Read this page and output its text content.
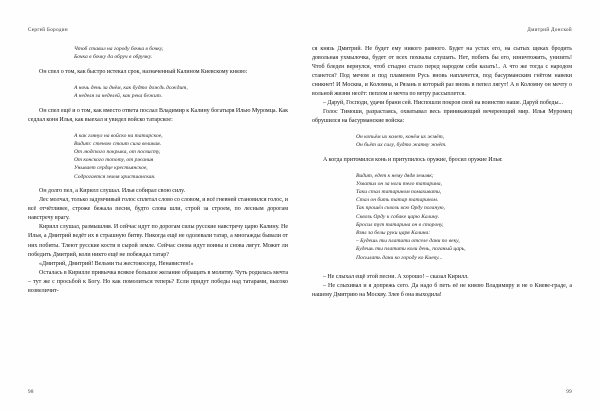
Сергей Бородин
Чтоб ставил на городу бочка в бочку,
Бочка в бочку да обруч в обручку.

Он спел о том, как быстро истекал срок, назначенный Калином Киевскому князю:

А ночь день за днём, как будто дождь дождит,
А неделя за неделей, как река бежит.

Он спел ещё и о том, как вместо ответа послал Владимир к Калину богатыря Илью Муромца. Как седлал коня Илья, как выехал и увидел войско татарское:

А как глянул на войско на татарское,
Видит: стеною стоит сила великая.
От людского покрыка, от посвисту,
От конского топоту, от ржания
Унывает сердце крестьянское,
Содрогается земля христианская.

Он долго пел, а Кирилл слушал. Илья собирал свою силу.

Лес молчал, только задумчивый голос сплетал слово со словом, и всё гневней становился голос, и всё отчётливее, строже бежала песня, будто слова шли, строй за строем, по лесным дорогам навстречу врагу.

Кирилл слушал, размышляя. И сейчас идут по дорогам силы русские навстречу царю Калину. Не Илья, а Дмитрий ведёт их в страшную битву. Никогда ещё не одолевали татар, а многажды бывали от них побиты. Тлеют русские кости в сырой земле. Сейчас снова идут воины и снова лягут. Может ли победить Дмитрий, коли никто ещё не побеждал татар?

«Дмитрий, Дмитрий! Вельми ты жестокосерд. Ненавистен!»

Осталась в Кирилле привычка всякое большое желание обращать в молитву. Чуть родилась мечта – тут же с просьбой к Богу. Но как помолиться теперь? Если придут победы над татарами, высоко возвеличит-

98
Дмитрий Донской

ся князь Дмитрий. Не будет ему никого равного. Будет на устах его, на сытых щеках бродить довольная ухмылочка, будет от всех похвалы слушать. Нет, побить бы его, изничтожить, унизить! Чтоб бледен вернулся, чтоб стыдно стало перед народом себя казать!.. А что же тогда с народом станется? Под мечом и под пламенем Русь вновь наплачется, под басурманским гнётом навеки сникнет! И Москва, и Коломна, и Рязань в который раз вновь в пепел лягут! А в Коломну он мечту о вольной жизни несёт: пеплом и мечта по ветру рассыплется.

– Даруй, Господи, удачи брани сей. Ниспошли покров свой на воинство наше. Даруй победы...

Голос Тимоши, разрастаясь, охватывал весь приникающий вечереющий мир. Илья Муромец обрушился на басурманские войска:

Он копьём их колет, конём их жмёт,
Он бьёт их силу, будто жатву жнёт.

А когда притомился конь и притупилось оружие, бросил оружие Илья:

Видит, едет к нему дядя земляк;
Ухватил он за ноги тело татарина,
Таки стал татарином помахивати,
Стал он бить татар татарином.
Так прошёл сквозь всю Орду поганую,
Сквозь Орду к собаке царю Калину.
Бросил тут татарина он в сторону,
Взял за белы руки царя Калина:
– Будешь ты платити отселе дани по веку,
Будешь ты платити коли день, поганый царь,
Посылать дани ко городу ко Киеву...

– Не слыхал ещё этой песни. А хорошо! – сказал Кирилл.

– Не слыхивал и я допрежь сего. Да надо б петь её не князю Владимиру и не о Киеве-граде, а нашему Дмитрию на Москву. Злее б она выходила!

99
